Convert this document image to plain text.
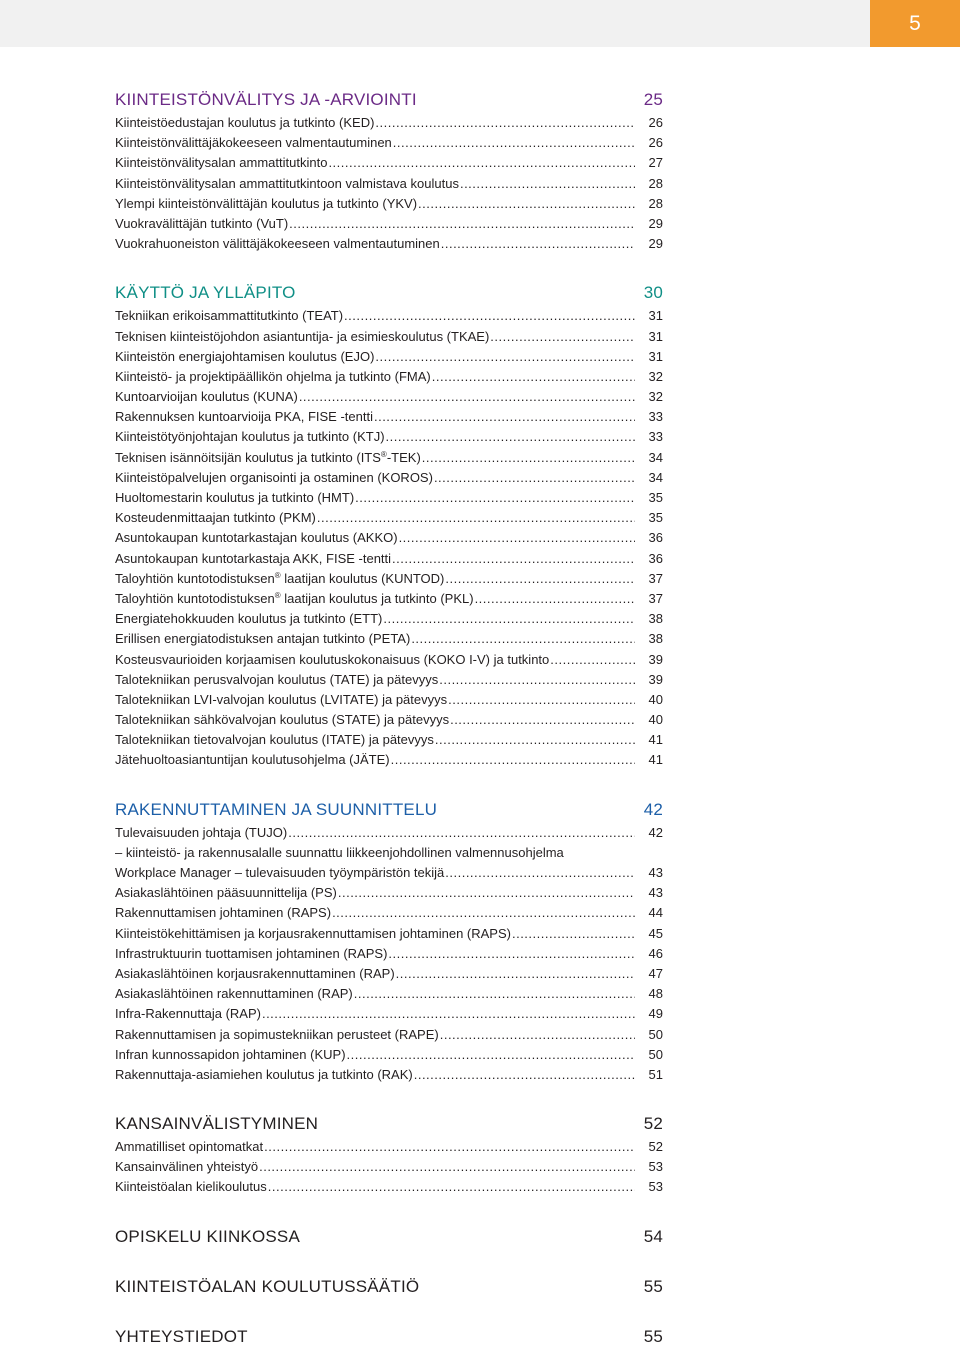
5
KIINTEISTÖNVÄLITYS JA -ARVIOINTI	25
Kiinteistöedustajan koulutus ja tutkinto (KED) .....	26
Kiinteistönvälittäjäkokeeseen valmentautuminen .....	26
Kiinteistönvälitysalan ammattitutkinto .....	27
Kiinteistönvälitysalan ammattitutkintoon valmistava koulutus .....	28
Ylempi kiinteistönvälittäjän koulutus ja tutkinto (YKV) .....	28
Vuokravälittäjän tutkinto (VuT) .....	29
Vuokrahuoneiston välittäjäkokeeseen valmentautuminen .....	29
KÄYTTÖ JA YLLÄPITO	30
Tekniikan erikoisammattitutkinto (TEAT) .....	31
Teknisen kiinteistöjohdon asiantuntija- ja esimieskoulutus (TKAE) .....	31
Kiinteistön energiajohtamisen koulutus (EJO) .....	31
Kiinteistö- ja projektipäällikön ohjelma ja tutkinto (FMA) .....	32
Kuntoarvioijan koulutus (KUNA) .....	32
Rakennuksen kuntoarvioija PKA, FISE -tentti .....	33
Kiinteistötyönjohtajan koulutus ja tutkinto (KTJ) .....	33
Teknisen isännöitsijän koulutus ja tutkinto (ITS®-TEK) .....	34
Kiinteistöpalvelujen organisointi ja ostaminen (KOROS) .....	34
Huoltomestarin koulutus ja tutkinto (HMT) .....	35
Kosteudenmittaajan tutkinto (PKM) .....	35
Asuntokaupan kuntotarkastajan koulutus (AKKO) .....	36
Asuntokaupan kuntotarkastaja AKK, FISE -tentti .....	36
Taloyhtiön kuntotodistuksen® laatijan koulutus (KUNTOD) .....	37
Taloyhtiön kuntotodistuksen® laatijan koulutus ja tutkinto (PKL) .....	37
Energiatehokkuuden koulutus ja tutkinto (ETT) .....	38
Erillisen energiatodistuksen antajan tutkinto (PETA) .....	38
Kosteusvaurioiden korjaamisen koulutuskokonaisuus (KOKO I-V) ja tutkinto .....	39
Talotekniikan perusvalvojan koulutus (TATE) ja pätevyys .....	39
Talotekniikan LVI-valvojan koulutus (LVITATE) ja pätevyys .....	40
Talotekniikan sähkövalvojan koulutus (STATE) ja pätevyys .....	40
Talotekniikan tietovalvojan koulutus (ITATE) ja pätevyys .....	41
Jätehuoltoasiantuntijan koulutusohjelma (JÄTE) .....	41
RAKENNUTTAMINEN JA SUUNNITTELU	42
Tulevaisuuden johtaja (TUJO) .....	42
– kiinteistö- ja rakennusalalle suunnattu liikkeenjohdollinen valmennusohjelma
Workplace Manager – tulevaisuuden työympäristön tekijä .....	43
Asiakaslähtöinen pääsuunnittelija (PS) .....	43
Rakennuttamisen johtaminen (RAPS) .....	44
Kiinteistökehittämisen ja korjausrakennuttamisen johtaminen (RAPS) .....	45
Infrastruktuurin tuottamisen johtaminen (RAPS) .....	46
Asiakaslähtöinen korjausrakennuttaminen (RAP) .....	47
Asiakaslähtöinen rakennuttaminen (RAP) .....	48
Infra-Rakennuttaja (RAP) .....	49
Rakennuttamisen ja sopimustekniikan perusteet (RAPE) .....	50
Infran kunnossapidon johtaminen (KUP) .....	50
Rakennuttaja-asiamiehen koulutus ja tutkinto (RAK) .....	51
KANSAINVÄLISTYMINEN	52
Ammatilliset opintomatkat .....	52
Kansainvälinen yhteistyö .....	53
Kiinteistöalan kielikoulutus .....	53
OPISKELU KIINKOSSA	54
KIINTEISTÖALAN KOULUTUSSÄÄTIÖ	55
YHTEYSTIEDOT	55
